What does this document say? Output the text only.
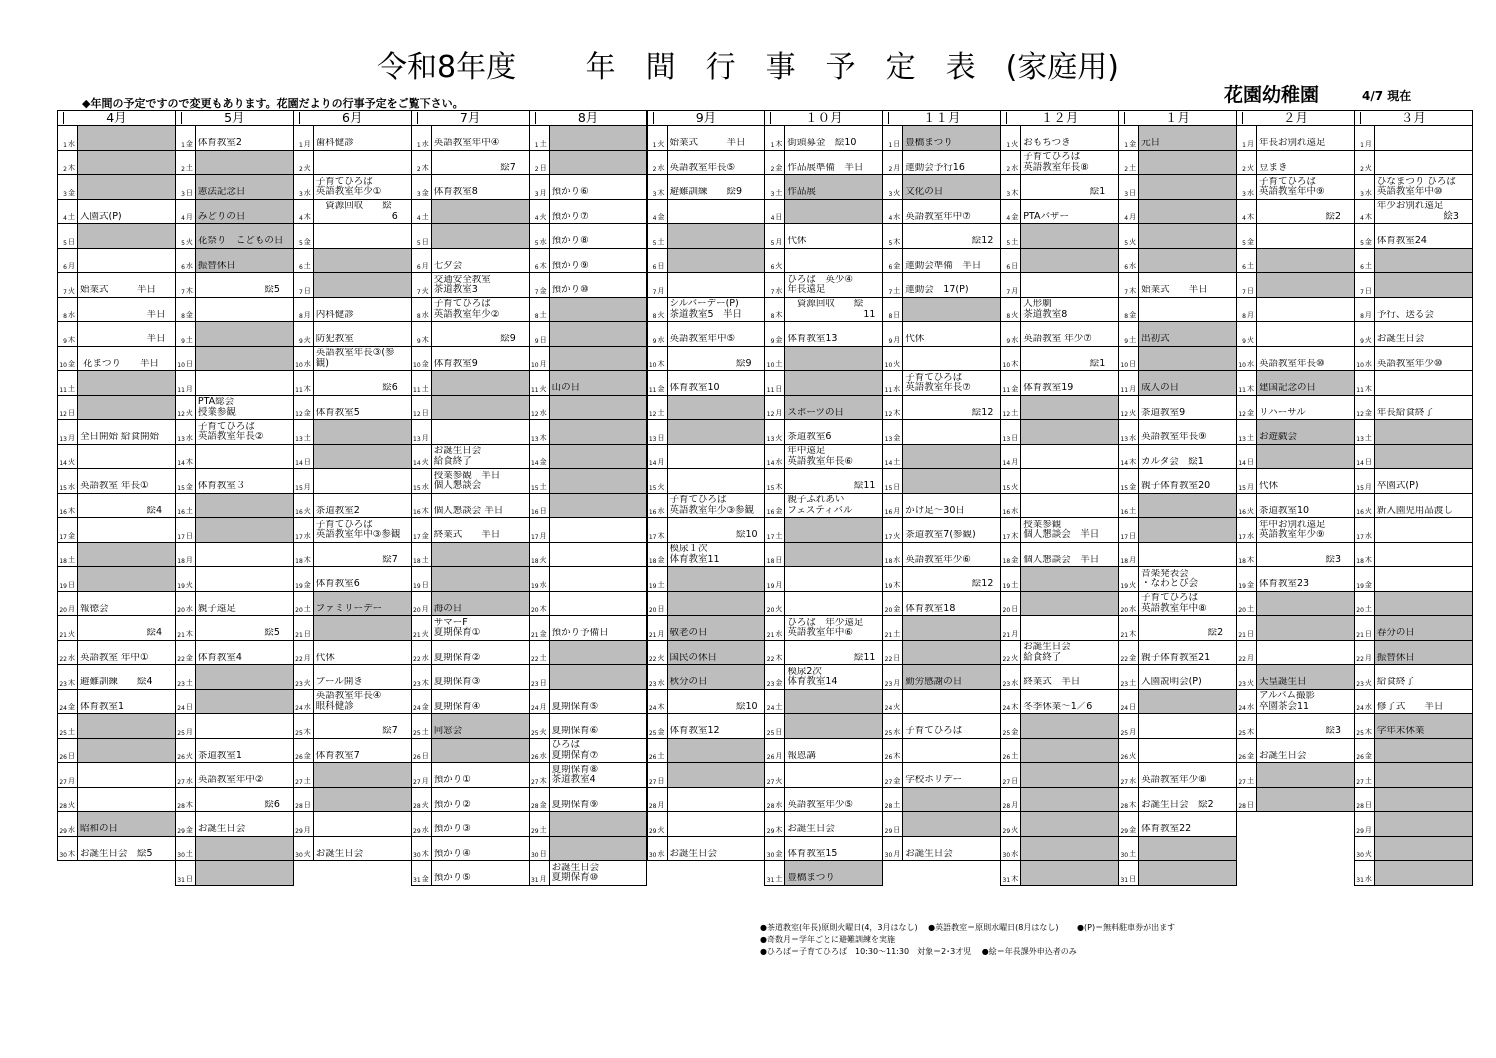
令和8年度　　 年　間　行　事　予　定　表　(家庭用)
花園幼稚園	4/7 現在
◆年間の予定ですので変更もあります。花園だよりの行事予定をご覧下さい。
4月
1 水
2 木
3 金
4 土 入園式(P)
5 日
6 月
7 火 始業式　　　半日
8 水 　　　　　　　半日
9 木 　　　　　　　半日
10 金 花まつり　　半日
11 土
12 日
13 月 全日開始 給食開始
14 火
15 水 英語教室 年長①
16 木 　　　　　　　絵4
17 金
18 土
19 日
20 月 報徳会
21 火 　　　　　　　絵4
22 水 英語教室 年中①
23 木 避難訓練　　絵4
24 金 体育教室1
25 土
26 日
27 月
28 火
29 水 昭和の日
30 木 お誕生日会　絵5
5月
1 金 体育教室2
2 土
3 日 憲法記念日
4 月 みどりの日
5 火 花祭り　こどもの日
6 水 振替休日
7 木 　　　　　　　絵5
8 金
9 土
10 日
11 月
12 火
PTA総会
授業参観
13 水
子育てひろば
英語教室年長②
14 木
15 金 体育教室３
16 土
17 日
18 月
19 火
20 水 親子遠足
21 木 　　　　　　　絵5
22 金 体育教室4
23 土
24 日
25 月
26 火 茶道教室1
27 水 英語教室年中②
28 木 　　　　　　　絵6
29 金 お誕生日会
30 土
31 日
6月
1 月 歯科健診
2 火
3 水
子育てひろば
英語教室年少①
4 木
　資源回収　　絵
　　　　　　　　6
5 金
6 土
7 日
8 月 内科健診
9 火 防犯教室
10 水
英語教室年長③(参
観)
11 木 　　　　　　　絵6
12 金 体育教室5
13 土
14 日
15 月
16 火 茶道教室2
17 水
子育てひろば
英語教室年中③参観
18 木 　　　　　　　絵7
19 金 体育教室6
20 土 ファミリーデー
21 日
22 月 代休
23 火 プール開き
24 水
英語教室年長④
眼科健診
25 木 　　　　　　　絵7
26 金 体育教室7
27 土
28 日
29 月
30 火 お誕生日会
7月
1 水 英語教室年中④
2 木 　　　　　　　絵7
3 金 体育教室8
4 土
5 日
6 月 七夕会
7 火
交通安全教室
茶道教室3
8 水
子育てひろば
英語教室年少②
9 木 　　　　　　　絵9
10 金 体育教室9
11 土
12 日
13 月
14 火
お誕生日会
給食終了
15 水
授業参観　半日
個人懇談会
16 木 個人懇談会 半日
17 金 終業式　　半日
18 土
19 日
20 月 海の日
21 火
サマーF
夏期保育①
22 水 夏期保育②
23 木 夏期保育③
24 金 夏期保育④
25 土 同窓会
26 日
27 月 預かり①
28 火 預かり②
29 水 預かり③
30 木 預かり④
31 金 預かり⑤
8月
1 土
2 日
3 月 預かり⑥
4 火 預かり⑦
5 水 預かり⑧
6 木 預かり⑨
7 金 預かり⑩
8 土
9 日
10 月
11 火 山の日
12 水
13 木
14 金
15 土
16 日
17 月
18 火
19 水
20 木
21 金 預かり予備日
22 土
23 日
24 月 夏期保育⑤
25 火 夏期保育⑥
26 水
ひろば
夏期保育⑦
27 木
夏期保育⑧
茶道教室4
28 金 夏期保育⑨
29 土
30 日
31 月
お誕生日会
夏期保育⑩
9月
1 火 始業式　　　半日
2 水 英語教室年長⑤
3 木 避難訓練　　絵9
4 金
5 土
6 日
7 月
8 火
シルバーデー(P)
茶道教室5　半日
9 水 英語教室年中⑤
10 木 　　　　　　　絵9
11 金 体育教室10
12 土
13 日
14 月
15 火
16 水
子育てひろば
英語教室年少③参観
17 木 　　　　　　　絵10
18 金
模尿１次
体育教室11
19 土
20 日
21 月 敬老の日
22 火 国民の休日
23 水 秋分の日
24 木 　　　　　　　絵10
25 金 体育教室12
26 土
27 日
28 月
29 火
30 水 お誕生日会
１０月
1 木 街頭募金　絵10
2 金 作品展準備　半日
3 土 作品展
4 日
5 月 代休
6 火
7 水
ひろば　英少④
年長遠足
8 木
　資源回収　　絵
　　　　　　　　11
9 金 体育教室13
10 土
11 日
12 月 スポーツの日
13 火 茶道教室6
14 水
年中遠足
英語教室年長⑥
15 木 　　　　　　　絵11
16 金
親子ふれあい
フェスティバル
17 土
18 日
19 月
20 火
21 水
ひろば　年少遠足
英語教室年中⑥
22 木 　　　　　　　絵11
23 金
模尿2次
体育教室14
24 土
25 日
26 月 報恩講
27 火
28 水 英語教室年少⑤
29 木 お誕生日会
30 金 体育教室15
31 土 豊橋まつり
１１月
1 日 豊橋まつり
2 月 運動会予行16
3 火 文化の日
4 水 英語教室年中⑦
5 木 　　　　　　　絵12
6 金 運動会準備　半日
7 土 運動会　17(P)
8 日
9 月 代休
10 火
11 水
子育てひろば
英語教室年長⑦
12 木 　　　　　　　絵12
13 金
14 土
15 日
16 月 かけ足～30日
17 火 茶道教室7(参観)
18 水 英語教室年少⑥
19 木 　　　　　　　絵12
20 金 体育教室18
21 土
22 日
23 月 勤労感謝の日
24 火
25 水 子育てひろば
26 木
27 金 学校ホリデー
28 土
29 日
30 月 お誕生日会
１２月
1 火 おもちつき
2 水
子育てひろば
英語教室年長⑧
3 木 　　　　　　　絵1
4 金 PTAバザー
5 土
6 日
7 月
8 火
人形劇
茶道教室8
9 水 英語教室 年少⑦
10 木 　　　　　　　絵1
11 金 体育教室19
12 土
13 日
14 月
15 火
16 水
17 木
授業参観
個人懇談会　半日
18 金 個人懇談会　半日
19 土
20 日
21 月
22 火
お誕生日会
給食終了
23 水 終業式　半日
24 木 冬季休業～1／6
25 金
26 土
27 日
28 月
29 火
30 水
31 木
１月
1 金 元日
2 土
3 日
4 月
5 火
6 水
7 木 始業式　　半日
8 金
9 土 出初式
10 日
11 月 成人の日
12 火 茶道教室9
13 水 英語教室年長⑨
14 木 カルタ会　絵1
15 金 親子体育教室20
16 土
17 日
18 月
19 火
音楽発表会
・なわとび会
20 水
子育てひろば
英語教室年中⑧
21 木 　　　　　　　絵2
22 金 親子体育教室21
23 土 入園説明会(P)
24 日
25 月
26 火
27 水 英語教室年少⑧
28 木 お誕生日会　絵2
29 金 体育教室22
30 土
31 日
２月
1 月 年長お別れ遠足
2 火 豆まき
3 水
子育てひろば
英語教室年中⑨
4 木 　　　　　　　絵2
5 金
6 土
7 日
8 月
9 火
10 水 英語教室年長⑩
11 木 建国記念の日
12 金 リハーサル
13 土 お遊戯会
14 日
15 月 代休
16 火 茶道教室10
17 水
年中お別れ遠足
英語教室年少⑨
18 木 　　　　　　　絵3
19 金 体育教室23
20 土
21 日
22 月
23 火 天皇誕生日
24 水
アルバム撮影
卒園茶会11
25 木 　　　　　　　絵3
26 金 お誕生日会
27 土
28 日
３月
1 月
2 火
3 水
ひなまつり ひろば
英語教室年中⑩
4 木
年少お別れ遠足
　　　　　　　絵3
5 金 体育教室24
6 土
7 日
8 月 予行、送る会
9 火 お誕生日会
10 水 英語教室年少⑩
11 木
12 金 年長給食終了
13 土
14 日
15 月 卒園式(P)
16 火 新入園児用品渡し
17 水
18 木
19 金
20 土
21 日 春分の日
22 月 振替休日
23 火 給食終了
24 水 修了式　　半日
25 木 学年末休業
26 金
27 土
28 日
29 月
30 火
31 水
●茶道教室(年長)原則火曜日(4，3月はなし)　 ●英語教室＝原則水曜日(8月はなし)　　 ●(P)＝無料駐車券が出ます
●奇数月＝学年ごとに避難訓練を実施
●ひろば＝子育てひろば　10:30～11:30　対象＝2･3才児　 ●絵＝年長課外申込者のみ
